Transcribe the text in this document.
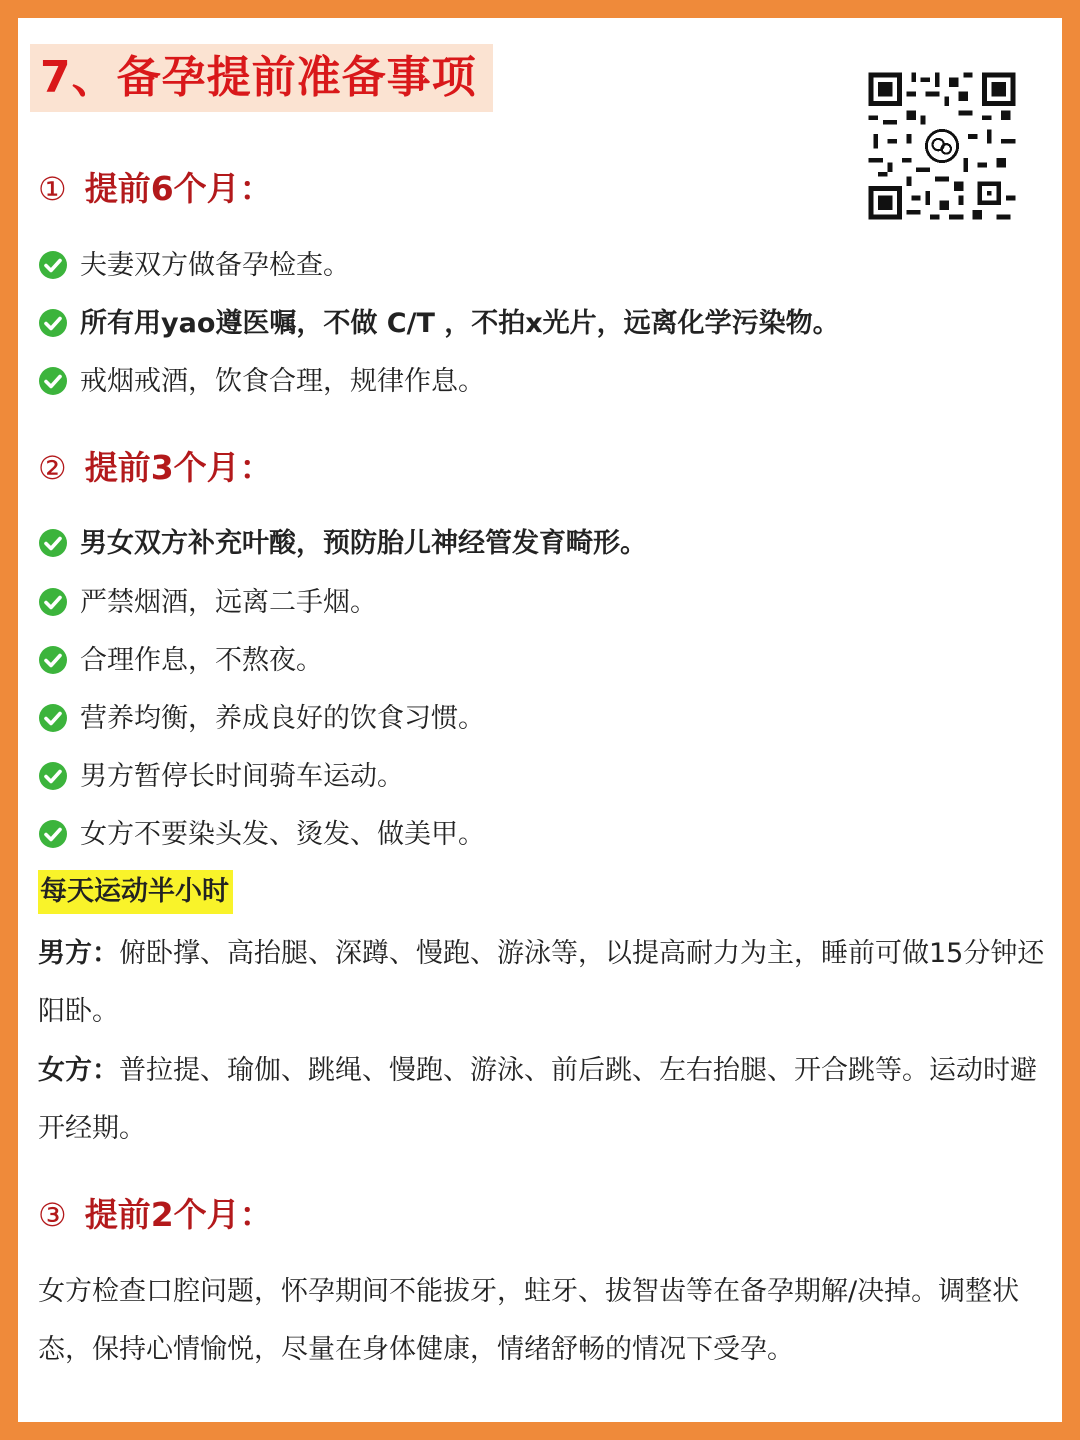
7、备孕提前准备事项
① 提前6个月：
夫妻双方做备孕检查。
所有用yao遵医嘱，不做 C/T ，不拍x光片，远离化学污染物。
戒烟戒酒，饮食合理，规律作息。
② 提前3个月：
男女双方补充叶酸，预防胎儿神经管发育畸形。
严禁烟酒，远离二手烟。
合理作息，不熬夜。
营养均衡，养成良好的饮食习惯。
男方暂停长时间骑车运动。
女方不要染头发、烫发、做美甲。
每天运动半小时
男方：俯卧撑、高抬腿、深蹲、慢跑、游泳等，以提高耐力为主，睡前可做15分钟还阳卧。
女方：普拉提、瑜伽、跳绳、慢跑、游泳、前后跳、左右抬腿、开合跳等。运动时避开经期。
③ 提前2个月：
女方检查口腔问题，怀孕期间不能拔牙，蛀牙、拔智齿等在备孕期解/决掉。调整状态，保持心情愉悦，尽量在身体健康，情绪舒畅的情况下受孕。
